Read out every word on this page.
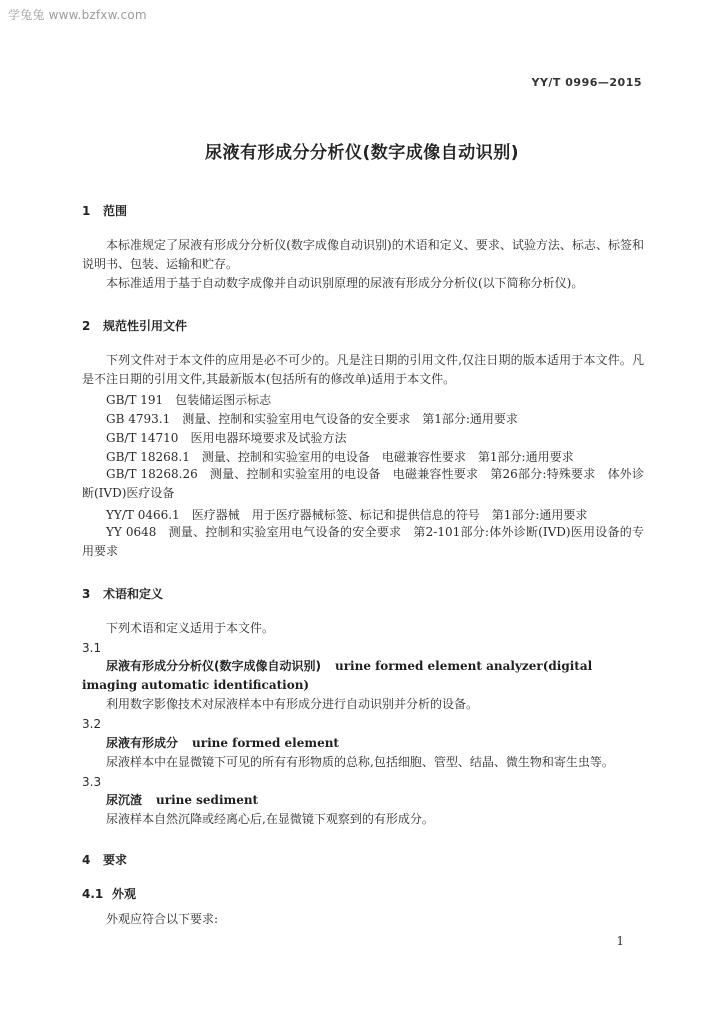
学兔兔 www.bzfxw.com
YY/T 0996—2015
尿液有形成分分析仪(数字成像自动识别)
1 范围
本标准规定了尿液有形成分分析仪(数字成像自动识别)的术语和定义、要求、试验方法、标志、标签和说明书、包装、运输和贮存。
本标准适用于基于自动数字成像并自动识别原理的尿液有形成分分析仪(以下简称分析仪)。
2 规范性引用文件
下列文件对于本文件的应用是必不可少的。凡是注日期的引用文件,仅注日期的版本适用于本文件。凡是不注日期的引用文件,其最新版本(包括所有的修改单)适用于本文件。
GB/T 191 包装储运图示标志
GB 4793.1 测量、控制和实验室用电气设备的安全要求　第1部分:通用要求
GB/T 14710 医用电器环境要求及试验方法
GB/T 18268.1 测量、控制和实验室用的电设备　电磁兼容性要求　第1部分:通用要求
GB/T 18268.26 测量、控制和实验室用的电设备　电磁兼容性要求　第26部分:特殊要求　体外诊断(IVD)医疗设备
YY/T 0466.1 医疗器械　用于医疗器械标签、标记和提供信息的符号　第1部分:通用要求
YY 0648 测量、控制和实验室用电气设备的安全要求　第2-101部分:体外诊断(IVD)医用设备的专用要求
3 术语和定义
下列术语和定义适用于本文件。
3.1
尿液有形成分分析仪(数字成像自动识别) urine formed element analyzer(digital imaging automatic identification)
利用数字影像技术对尿液样本中有形成分进行自动识别并分析的设备。
3.2
尿液有形成分 urine formed element
尿液样本中在显微镜下可见的所有有形物质的总称,包括细胞、管型、结晶、微生物和寄生虫等。
3.3
尿沉渣 urine sediment
尿液样本自然沉降或经离心后,在显微镜下观察到的有形成分。
4 要求
4.1 外观
外观应符合以下要求:
1
